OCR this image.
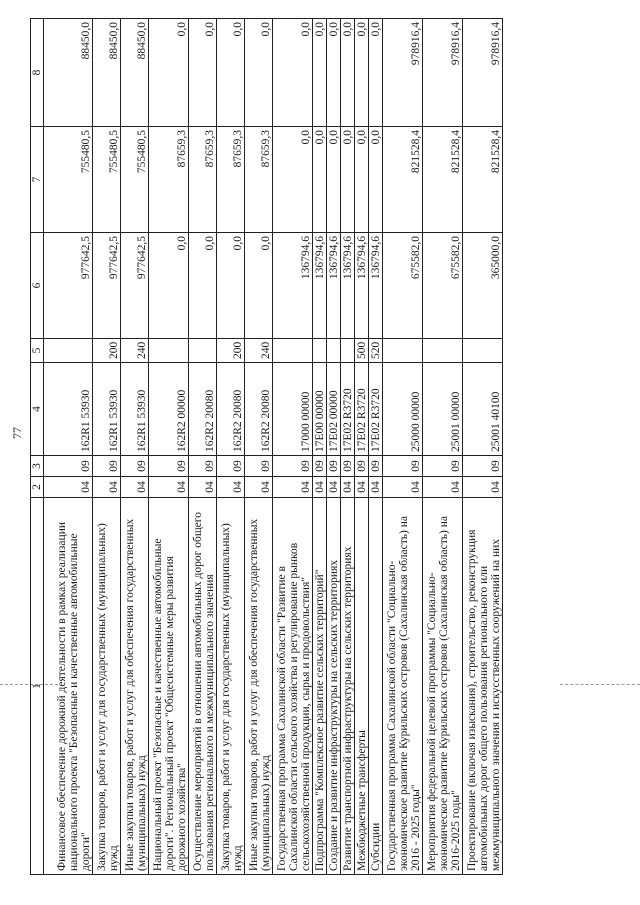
77
1	2	3	4	5	6	7	8
Финансовое обеспечение дорожной деятельности в рамках реализации национального проекта "Безопасные и качественные автомобильные дороги"	04	09	162R1 53930		977642,5	755480,5	88450,0
Закупка товаров, работ и услуг для государственных (муниципальных) нужд	04	09	162R1 53930	200	977642,5	755480,5	88450,0
Иные закупки товаров, работ и услуг для обеспечения государственных (муниципальных) нужд	04	09	162R1 53930	240	977642,5	755480,5	88450,0
Национальный проект "Безопасные и качественные автомобильные дороги". Региональный проект "Общесистемные меры развития дорожного хозяйства"	04	09	162R2 00000		0,0	87659,3	0,0
Осуществление мероприятий в отношении автомобильных дорог общего пользования регионального и межмуниципального значения	04	09	162R2 20080		0,0	87659,3	0,0
Закупка товаров, работ и услуг для государственных (муниципальных) нужд	04	09	162R2 20080	200	0,0	87659,3	0,0
Иные закупки товаров, работ и услуг для обеспечения государственных (муниципальных) нужд	04	09	162R2 20080	240	0,0	87659,3	0,0
Государственная программа Сахалинской области "Развитие в Сахалинской области сельского хозяйства и регулирование рынков сельскохозяйственной продукции, сырья и продовольствия"	04	09	17000 00000		136794,6	0,0	0,0
Подпрограмма "Комплексное развитие сельских территорий"	04	09	17E00 00000		136794,6	0,0	0,0
Создание и развитие инфраструктуры на сельских территориях	04	09	17E02 00000		136794,6	0,0	0,0
Развитие транспортной инфраструктуры на сельских территориях	04	09	17E02 R3720		136794,6	0,0	0,0
Межбюджетные трансферты	04	09	17E02 R3720	500	136794,6	0,0	0,0
Субсидии	04	09	17E02 R3720	520	136794,6	0,0	0,0
Государственная программа Сахалинской области "Социально-экономическое развитие Курильских островов (Сахалинская область) на 2016 - 2025 годы"	04	09	25000 00000		675582,0	821528,4	978916,4
Мероприятия федеральной целевой программы "Социально-экономическое развитие Курильских островов (Сахалинская область) на 2016-2025 годы"	04	09	25001 00000		675582,0	821528,4	978916,4
Проектирование (включая изыскания), строительство, реконструкция автомобильных дорог общего пользования регионального или межмуниципального значения и искусственных сооружений на них	04	09	25001 40100		365000,0	821528,4	978916,4
